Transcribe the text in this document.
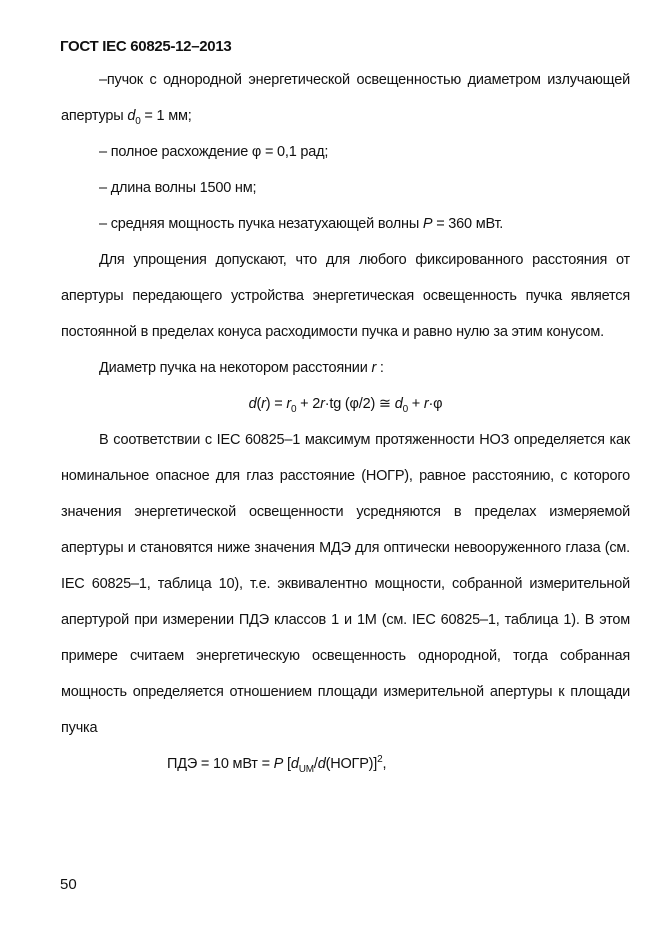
ГОСТ IEC 60825-12–2013

–пучок с однородной энергетической освещенностью диаметром излучающей апертуры $d_0 = 1$ мм;

– полное расхождение φ = 0,1 рад;

– длина волны 1500 нм;

– средняя мощность пучка незатухающей волны P = 360 мВт.

Для упрощения допускают, что для любого фиксированного расстояния от апертуры передающего устройства энергетическая освещенность пучка является постоянной в пределах конуса расходимости пучка и равно нулю за этим конусом.

Диаметр пучка на некотором расстоянии r :

$d(r) = r_0 + 2r\cdot tg$ (φ/2) ≅ $d_0 + r\cdot\varphi$

В соответствии с IEC 60825–1 максимум протяженности НОЗ определяется как номинальное опасное для глаз расстояние (НОГР), равное расстоянию, с которого значения энергетической освещенности усредняются в пределах измеряемой апертуры и становятся ниже значения МДЭ для оптически невооруженного глаза (см. IEC 60825–1, таблица 10), т.е. эквивалентно мощности, собранной измерительной апертурой при измерении ПДЭ классов 1 и 1М (см. IEC 60825–1, таблица 1). В этом примере считаем энергетическую освещенность однородной, тогда собранная мощность определяется отношением площади измерительной апертуры к площади пучка

ПДЭ = 10 мВт = P $[d_{UM}/d(НОГР)]^2$,

50
